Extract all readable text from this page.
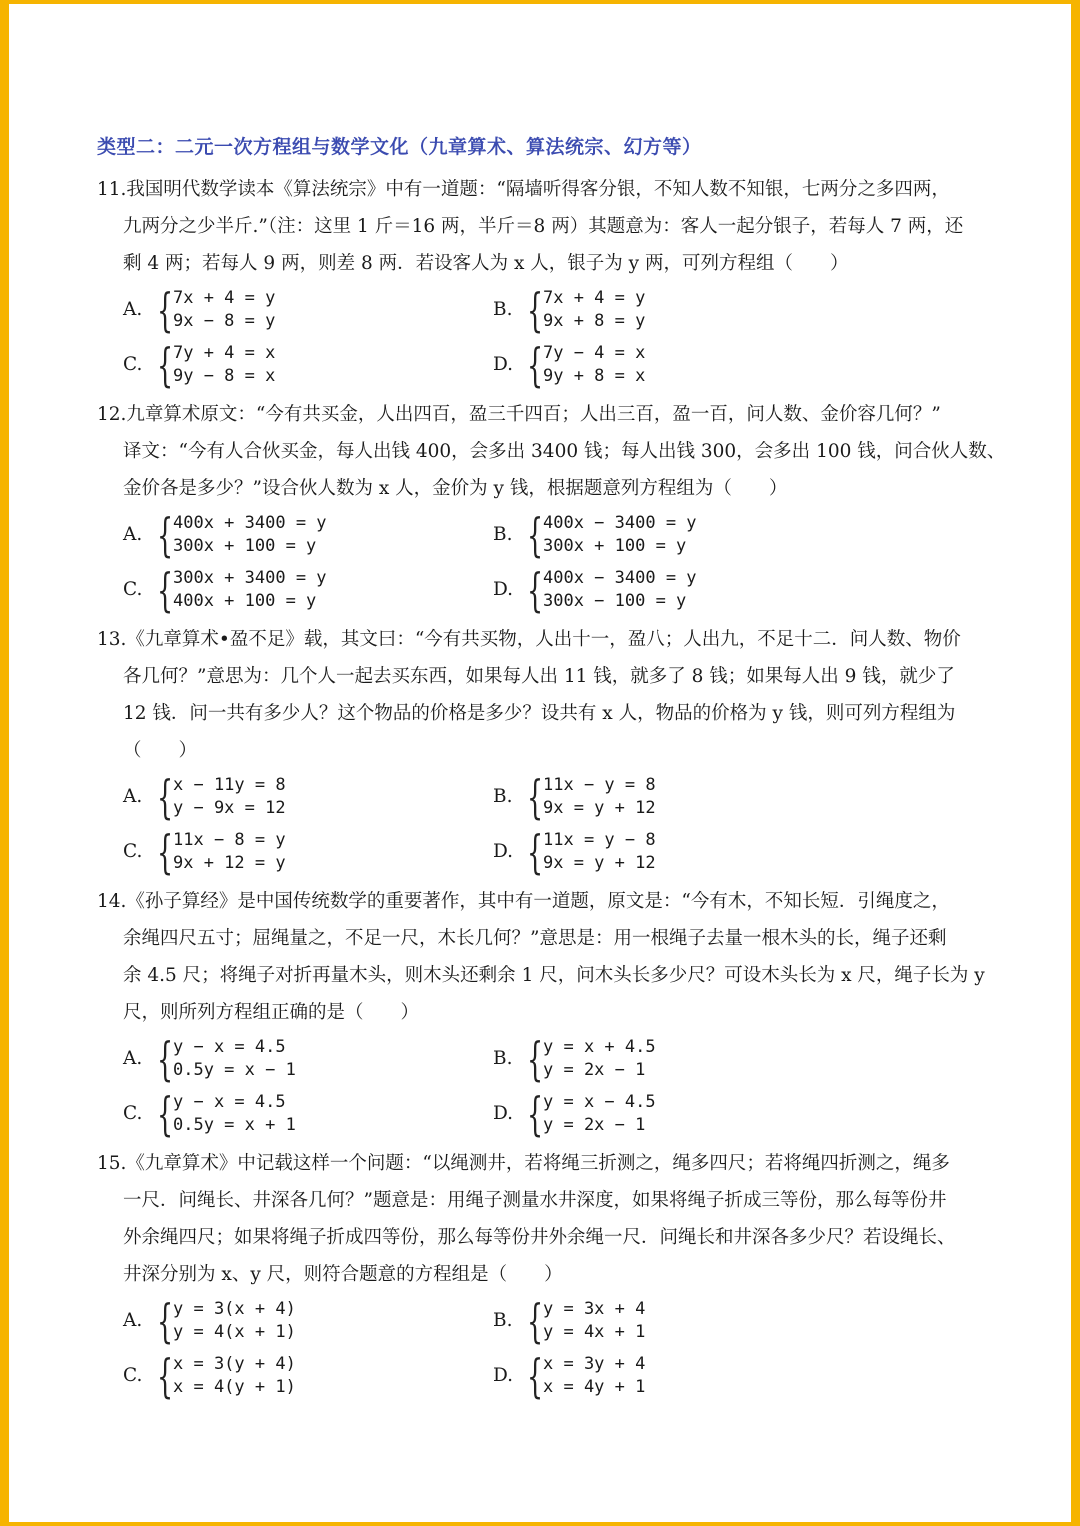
类型二：二元一次方程组与数学文化（九章算术、算法统宗、幻方等）
11.我国明代数学读本《算法统宗》中有一道题：“隔墙听得客分银，不知人数不知银，七两分之多四两，
九两分之少半斤.”（注：这里 1 斤＝16 两，半斤＝8 两）其题意为：客人一起分银子，若每人 7 两，还
剩 4 两；若每人 9 两，则差 8 两．若设客人为 x 人，银子为 y 两，可列方程组（　　）
A. { 7x + 4 = y
9x − 8 = y
B. { 7x + 4 = y
9x + 8 = y
C. { 7y + 4 = x
9y − 8 = x
D. { 7y − 4 = x
9y + 8 = x
12.九章算术原文：“今有共买金，人出四百，盈三千四百；人出三百，盈一百，问人数、金价容几何？”
译文：“今有人合伙买金，每人出钱 400，会多出 3400 钱；每人出钱 300，会多出 100 钱，问合伙人数、
金价各是多少？”设合伙人数为 x 人，金价为 y 钱，根据题意列方程组为（　　）
A. { 400x + 3400 = y
300x + 100 = y
B. { 400x − 3400 = y
300x + 100 = y
C. { 300x + 3400 = y
400x + 100 = y
D. { 400x − 3400 = y
300x − 100 = y
13.《九章算术•盈不足》载，其文曰：“今有共买物，人出十一，盈八；人出九，不足十二．问人数、物价
各几何？”意思为：几个人一起去买东西，如果每人出 11 钱，就多了 8 钱；如果每人出 9 钱，就少了
12 钱．问一共有多少人？这个物品的价格是多少？设共有 x 人，物品的价格为 y 钱，则可列方程组为
（　　）
A. { x − 11y = 8
y − 9x = 12
B. { 11x − y = 8
9x = y + 12
C. { 11x − 8 = y
9x + 12 = y
D. { 11x = y − 8
9x = y + 12
14.《孙子算经》是中国传统数学的重要著作，其中有一道题，原文是：“今有木，不知长短．引绳度之，
余绳四尺五寸；屈绳量之，不足一尺，木长几何？”意思是：用一根绳子去量一根木头的长，绳子还剩
余 4.5 尺；将绳子对折再量木头，则木头还剩余 1 尺，问木头长多少尺？可设木头长为 x 尺，绳子长为 y
尺，则所列方程组正确的是（　　）
A. { y − x = 4.5
0.5y = x − 1
B. { y = x + 4.5
y = 2x − 1
C. { y − x = 4.5
0.5y = x + 1
D. { y = x − 4.5
y = 2x − 1
15.《九章算术》中记载这样一个问题：“以绳测井，若将绳三折测之，绳多四尺；若将绳四折测之，绳多
一尺．问绳长、井深各几何？”题意是：用绳子测量水井深度，如果将绳子折成三等份，那么每等份井
外余绳四尺；如果将绳子折成四等份，那么每等份井外余绳一尺．问绳长和井深各多少尺？若设绳长、
井深分别为 x、y 尺，则符合题意的方程组是（　　）
A. { y = 3(x + 4)
y = 4(x + 1)
B. { y = 3x + 4
y = 4x + 1
C. { x = 3(y + 4)
x = 4(y + 1)
D. { x = 3y + 4
x = 4y + 1
